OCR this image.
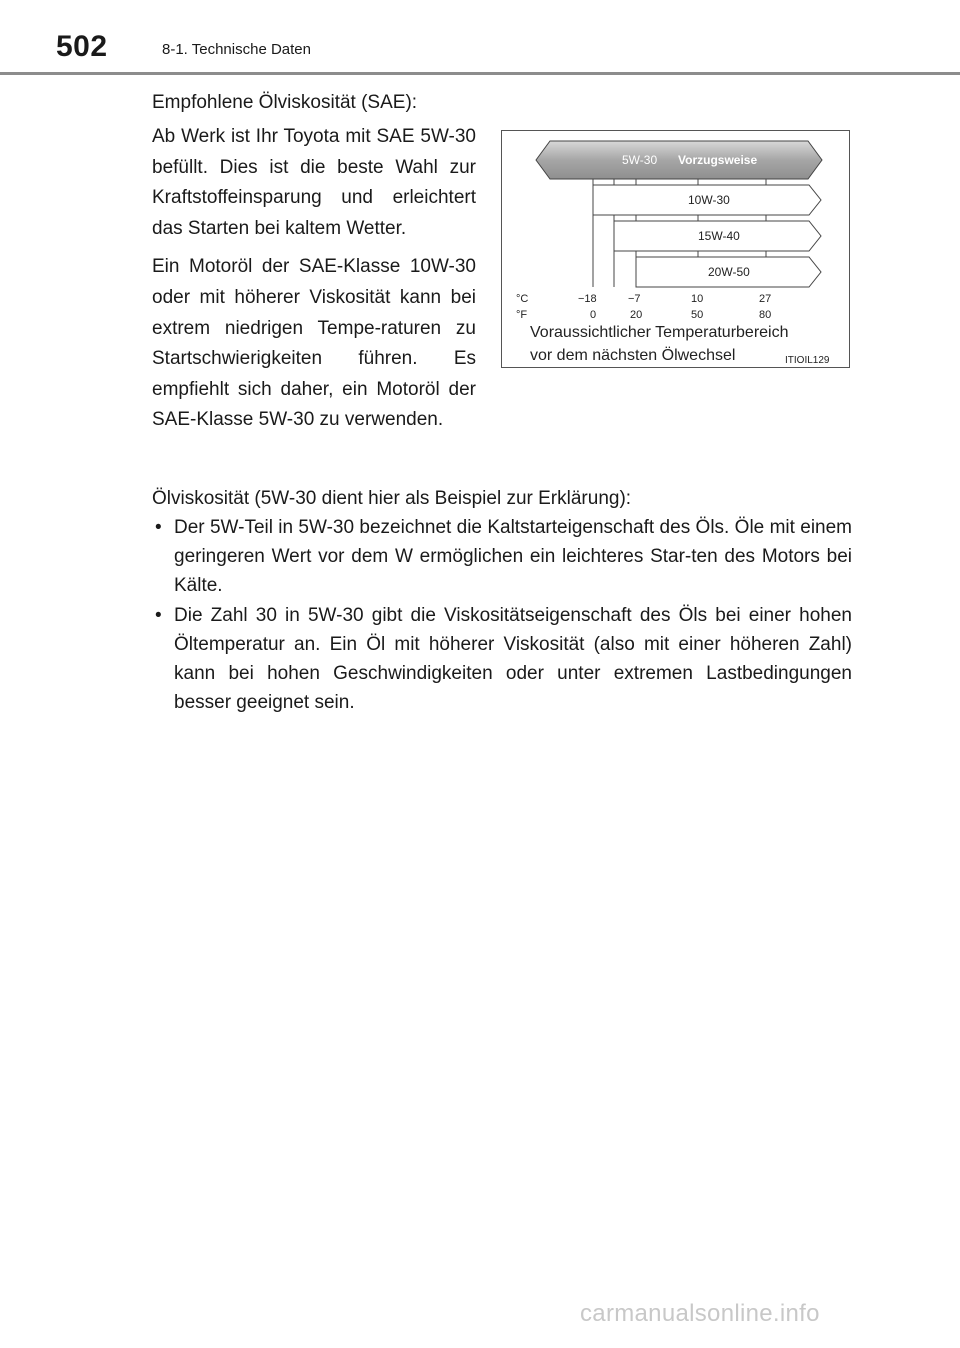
502	8-1. Technische Daten
Empfohlene Ölviskosität (SAE):

Ab Werk ist Ihr Toyota mit SAE 5W-30 befüllt. Dies ist die beste Wahl zur Kraftstoffeinsparung und erleichtert das Starten bei kaltem Wetter.

Ein Motoröl der SAE-Klasse 10W-30 oder mit höherer Viskosität kann bei extrem niedrigen Tempe-raturen zu Startschwierigkeiten führen. Es empfiehlt sich daher, ein Motoröl der SAE-Klasse 5W-30 zu verwenden.

5W-30 Vorzugsweise
10W-30
15W-40
20W-50
°C	−18	−7	10	27
°F	0	20	50	80
Voraussichtlicher Temperaturbereich
vor dem nächsten Ölwechsel	ITIOIL129
Ölviskosität (5W-30 dient hier als Beispiel zur Erklärung):
• Der 5W-Teil in 5W-30 bezeichnet die Kaltstarteigenschaft des Öls. Öle mit einem geringeren Wert vor dem W ermöglichen ein leichteres Star-ten des Motors bei Kälte.
• Die Zahl 30 in 5W-30 gibt die Viskositätseigenschaft des Öls bei einer hohen Öltemperatur an. Ein Öl mit höherer Viskosität (also mit einer höheren Zahl) kann bei hohen Geschwindigkeiten oder unter extremen Lastbedingungen besser geeignet sein.
carmanualsonline.info
